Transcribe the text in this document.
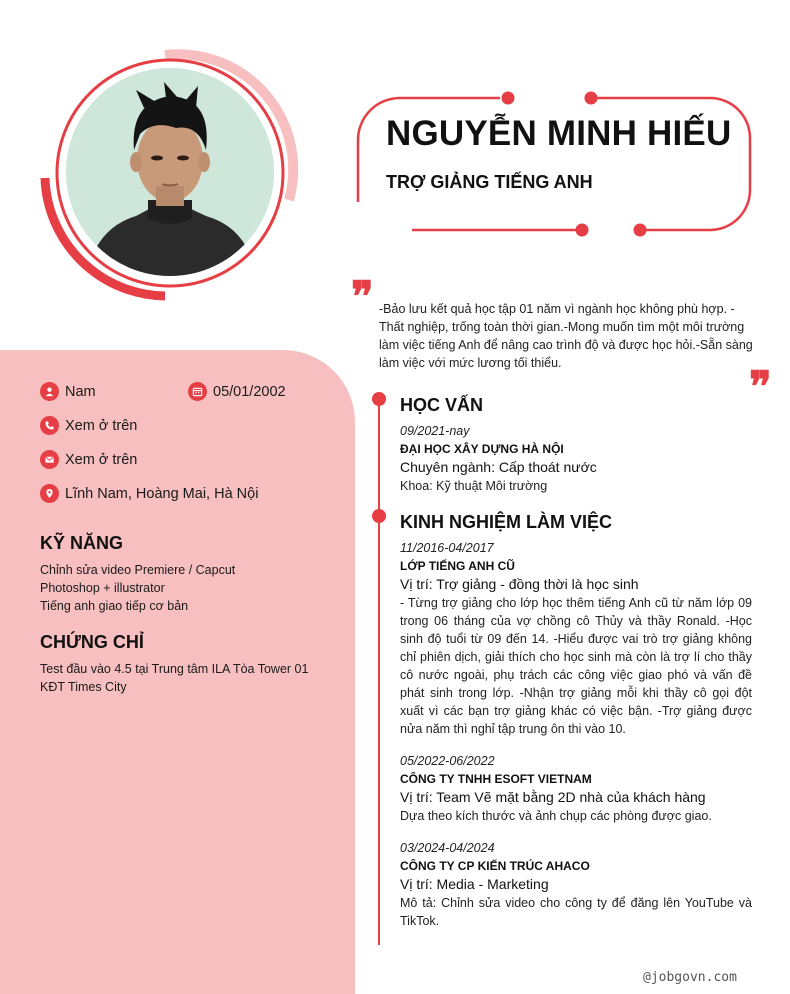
NGUYỄN MINH HIẾU
TRỢ GIẢNG TIẾNG ANH
❞ -Bảo lưu kết quả học tập 01 năm vì ngành học không phù hợp. -Thất nghiệp, trống toàn thời gian.-Mong muốn tìm một môi trường làm việc tiếng Anh để nâng cao trình độ và được học hỏi.-Sẵn sàng làm việc với mức lương tối thiểu.	❞
Nam	05/01/2002
Xem ở trên
Xem ở trên
Lĩnh Nam, Hoàng Mai, Hà Nội
KỸ NĂNG
Chỉnh sửa video Premiere / Capcut
Photoshop + illustrator
Tiếng anh giao tiếp cơ bản
CHỨNG CHỈ
Test đầu vào 4.5 tại Trung tâm ILA Tòa Tower 01 KĐT Times City
HỌC VẤN
09/2021-nay
ĐẠI HỌC XÂY DỰNG HÀ NỘI
Chuyên ngành: Cấp thoát nước
Khoa: Kỹ thuật Môi trường
KINH NGHIỆM LÀM VIỆC
11/2016-04/2017
LỚP TIẾNG ANH CŨ
Vị trí: Trợ giảng - đồng thời là học sinh
- Từng trợ giảng cho lớp học thêm tiếng Anh cũ từ năm lớp 09 trong 06 tháng của vợ chồng cô Thủy và thầy Ronald. -Học sinh độ tuổi từ 09 đến 14. -Hiểu được vai trò trợ giảng không chỉ phiên dịch, giải thích cho học sinh mà còn là trợ lí cho thầy cô nước ngoài, phụ trách các công việc giao phó và vấn đề phát sinh trong lớp. -Nhận trợ giảng mỗi khi thầy cô gọi đột xuất vì các bạn trợ giảng khác có việc bận. -Trợ giảng được nửa năm thì nghỉ tập trung ôn thi vào 10.
05/2022-06/2022
CÔNG TY TNHH ESOFT VIETNAM
Vị trí: Team Vẽ mặt bằng 2D nhà của khách hàng
Dựa theo kích thước và ảnh chụp các phòng được giao.
03/2024-04/2024
CÔNG TY CP KIẾN TRÚC AHACO
Vị trí: Media - Marketing
Mô tả: Chỉnh sửa video cho công ty để đăng lên YouTube và TikTok.
@jobgovn.com
